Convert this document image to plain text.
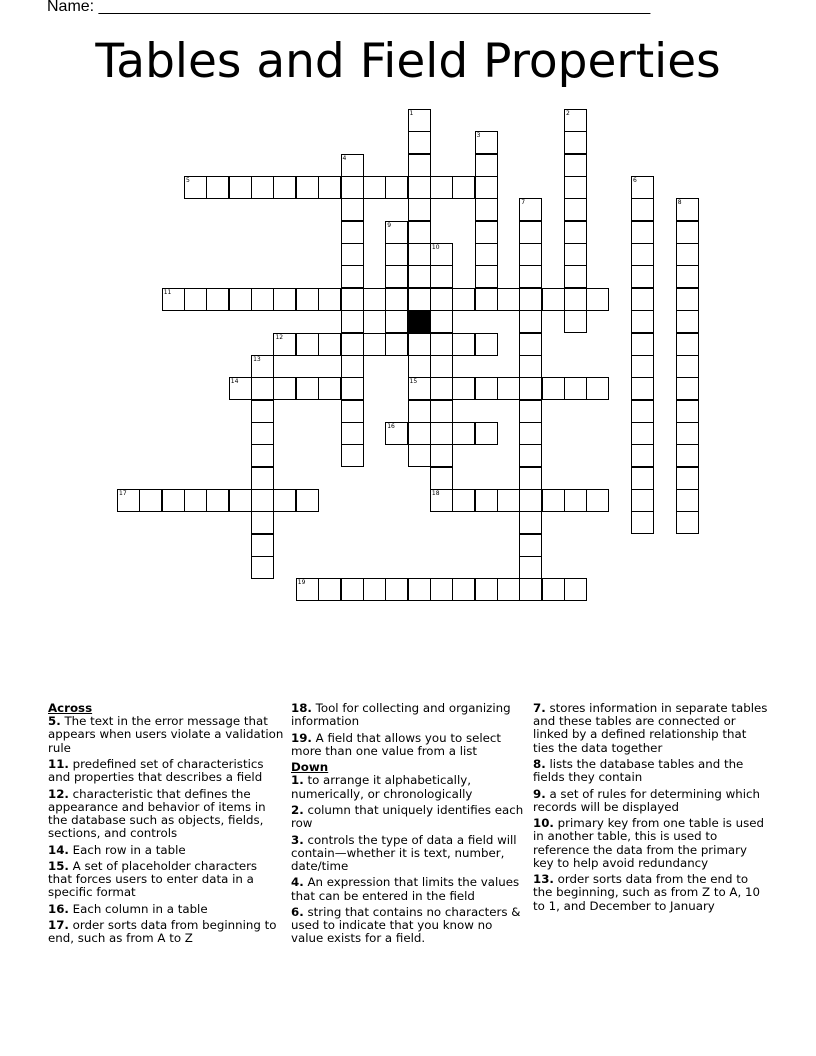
Name: ______________________________________________________________
Tables and Field Properties
1
15
2
3
4
5	6
7	8
9
10
11
12
13
14
16
17	18
19
Across
5. The text in the error message that appears when users violate a validation rule
11. predefined set of characteristics and properties that describes a field
12. characteristic that defines the appearance and behavior of items in the database such as objects, fields, sections, and controls
14. Each row in a table
15. A set of placeholder characters that forces users to enter data in a specific format
16. Each column in a table
17. order sorts data from beginning to end, such as from A to Z
18. Tool for collecting and organizing information
19. A field that allows you to select more than one value from a list
Down
1. to arrange it alphabetically, numerically, or chronologically
2. column that uniquely identifies each row
3. controls the type of data a field will contain—whether it is text, number, date/time
4. An expression that limits the values that can be entered in the field
6. string that contains no characters & used to indicate that you know no value exists for a field.
7. stores information in separate tables and these tables are connected or linked by a defined relationship that ties the data together
8. lists the database tables and the fields they contain
9. a set of rules for determining which records will be displayed
10. primary key from one table is used in another table, this is used to reference the data from the primary key to help avoid redundancy
13. order sorts data from the end to the beginning, such as from Z to A, 10 to 1, and December to January
